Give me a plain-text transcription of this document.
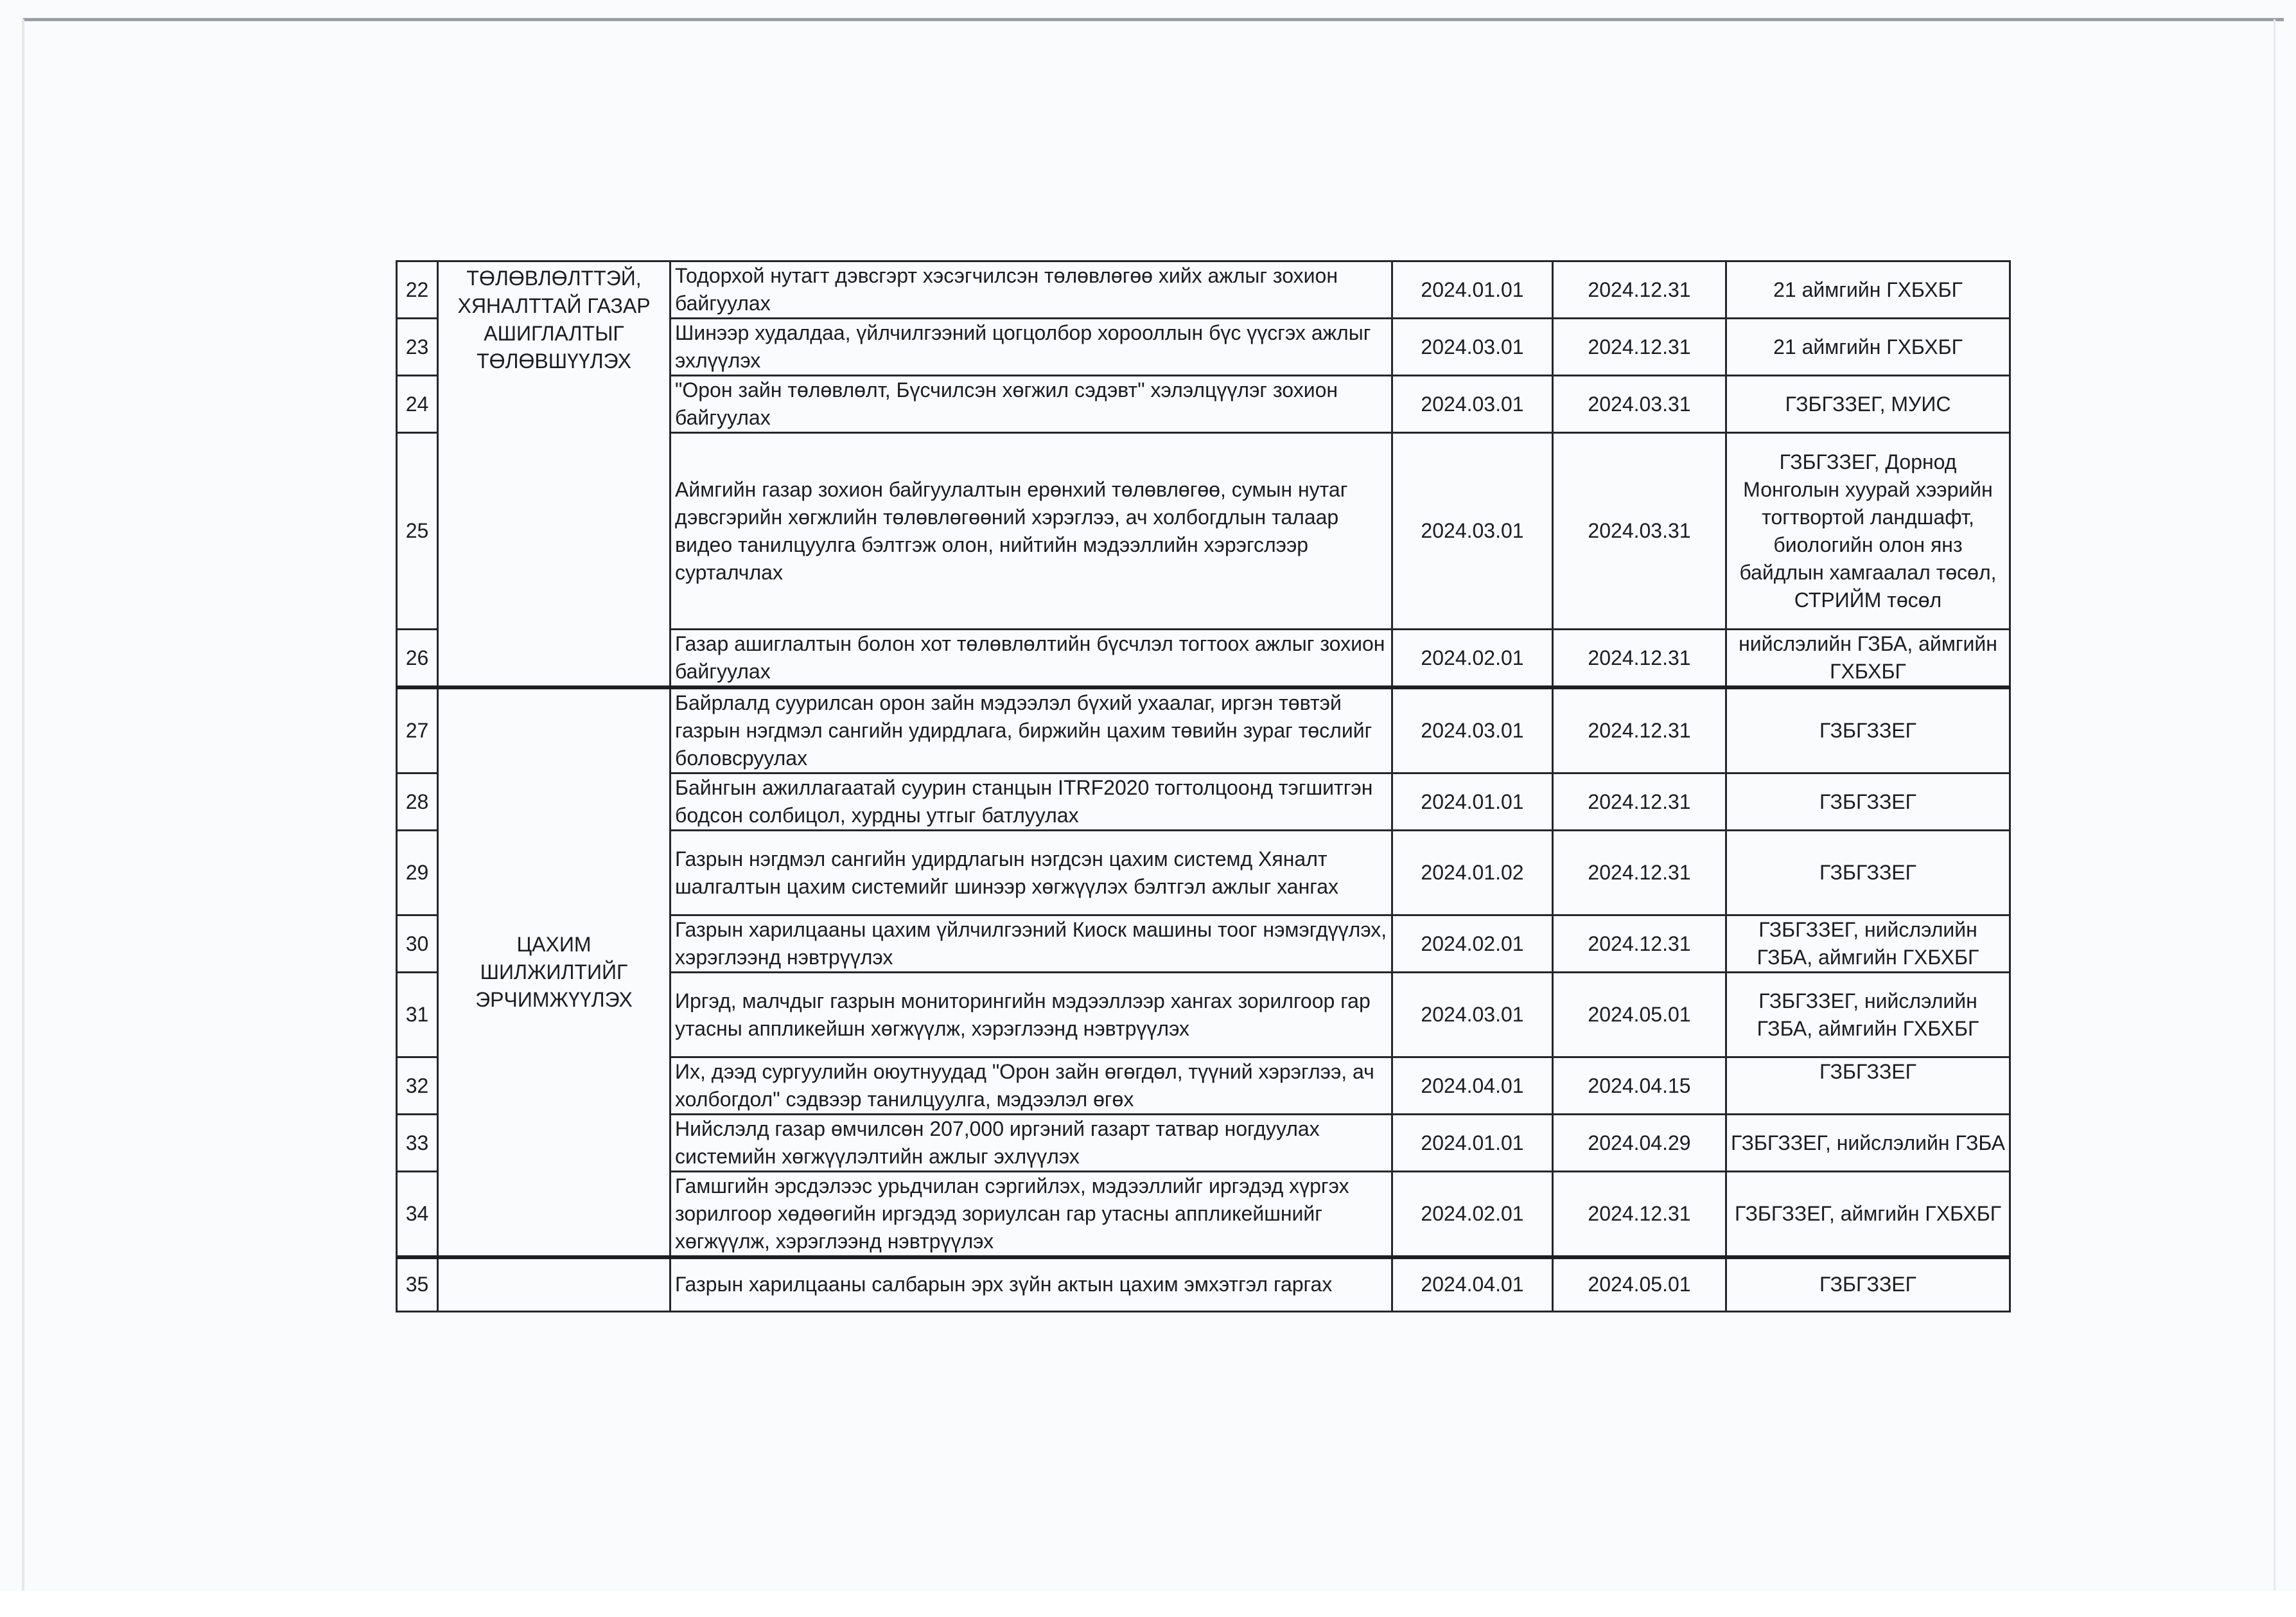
22	ТӨЛӨВЛӨЛТТЭЙ, ХЯНАЛТТАЙ ГАЗАР АШИГЛАЛТЫГ ТӨЛӨВШҮҮЛЭХ	Тодорхой нутагт дэвсгэрт хэсэгчилсэн төлөвлөгөө хийх ажлыг зохион байгуулах	2024.01.01	2024.12.31	21 аймгийн ГХБХБГ
23		Шинээр худалдаа, үйлчилгээний цогцолбор хорооллын бүс үүсгэх ажлыг эхлүүлэх	2024.03.01	2024.12.31	21 аймгийн ГХБХБГ
24		"Орон зайн төлөвлөлт, Бүсчилсэн хөгжил сэдэвт" хэлэлцүүлэг зохион байгуулах	2024.03.01	2024.03.31	ГЗБГЗЗЕГ, МУИС
25		Аймгийн газар зохион байгуулалтын ерөнхий төлөвлөгөө, сумын нутаг дэвсгэрийн хөгжлийн төлөвлөгөөний хэрэглээ, ач холбогдлын талаар видео танилцуулга бэлтгэж олон, нийтийн мэдээллийн хэрэгслээр сурталчлах	2024.03.01	2024.03.31	ГЗБГЗЗЕГ, Дорнод Монголын хуурай хээрийн тогтвортой ландшафт, биологийн олон янз байдлын хамгаалал төсөл, СТРИЙМ төсөл
26		Газар ашиглалтын болон хот төлөвлөлтийн бүсчлэл тогтоох ажлыг зохион байгуулах	2024.02.01	2024.12.31	нийслэлийн ГЗБА, аймгийн ГХБХБГ
27	ЦАХИМ ШИЛЖИЛТИЙГ ЭРЧИМЖҮҮЛЭХ	Байрлалд суурилсан орон зайн мэдээлэл бүхий ухаалаг, иргэн төвтэй газрын нэгдмэл сангийн удирдлага, биржийн цахим төвийн зураг төслийг боловсруулах	2024.03.01	2024.12.31	ГЗБГЗЗЕГ
28		Байнгын ажиллагаатай суурин станцын ITRF2020 тогтолцоонд тэгшитгэн бодсон солбицол, хурдны утгыг батлуулах	2024.01.01	2024.12.31	ГЗБГЗЗЕГ
29		Газрын нэгдмэл сангийн удирдлагын нэгдсэн цахим системд Хяналт шалгалтын цахим системийг шинээр хөгжүүлэх бэлтгэл ажлыг хангах	2024.01.02	2024.12.31	ГЗБГЗЗЕГ
30		Газрын харилцааны цахим үйлчилгээний Киоск машины тоог нэмэгдүүлэх, хэрэглээнд нэвтрүүлэх	2024.02.01	2024.12.31	ГЗБГЗЗЕГ, нийслэлийн ГЗБА, аймгийн ГХБХБГ
31		Иргэд, малчдыг газрын мониторингийн мэдээллээр хангах зорилгоор гар утасны аппликейшн хөгжүүлж, хэрэглээнд нэвтрүүлэх	2024.03.01	2024.05.01	ГЗБГЗЗЕГ, нийслэлийн ГЗБА, аймгийн ГХБХБГ
32		Их, дээд сургуулийн оюутнуудад "Орон зайн өгөгдөл, түүний хэрэглээ, ач холбогдол" сэдвээр танилцуулга, мэдээлэл өгөх	2024.04.01	2024.04.15	ГЗБГЗЗЕГ
33		Нийслэлд газар өмчилсөн 207,000 иргэний газарт татвар ногдуулах системийн хөгжүүлэлтийн ажлыг эхлүүлэх	2024.01.01	2024.04.29	ГЗБГЗЗЕГ, нийслэлийн ГЗБА
34		Гамшгийн эрсдэлээс урьдчилан сэргийлэх, мэдээллийг иргэдэд хүргэх зорилгоор хөдөөгийн иргэдэд зориулсан гар утасны аппликейшнийг хөгжүүлж, хэрэглээнд нэвтрүүлэх	2024.02.01	2024.12.31	ГЗБГЗЗЕГ, аймгийн ГХБХБГ
35		Газрын харилцааны салбарын эрх зүйн актын цахим эмхэтгэл гаргах	2024.04.01	2024.05.01	ГЗБГЗЗЕГ
